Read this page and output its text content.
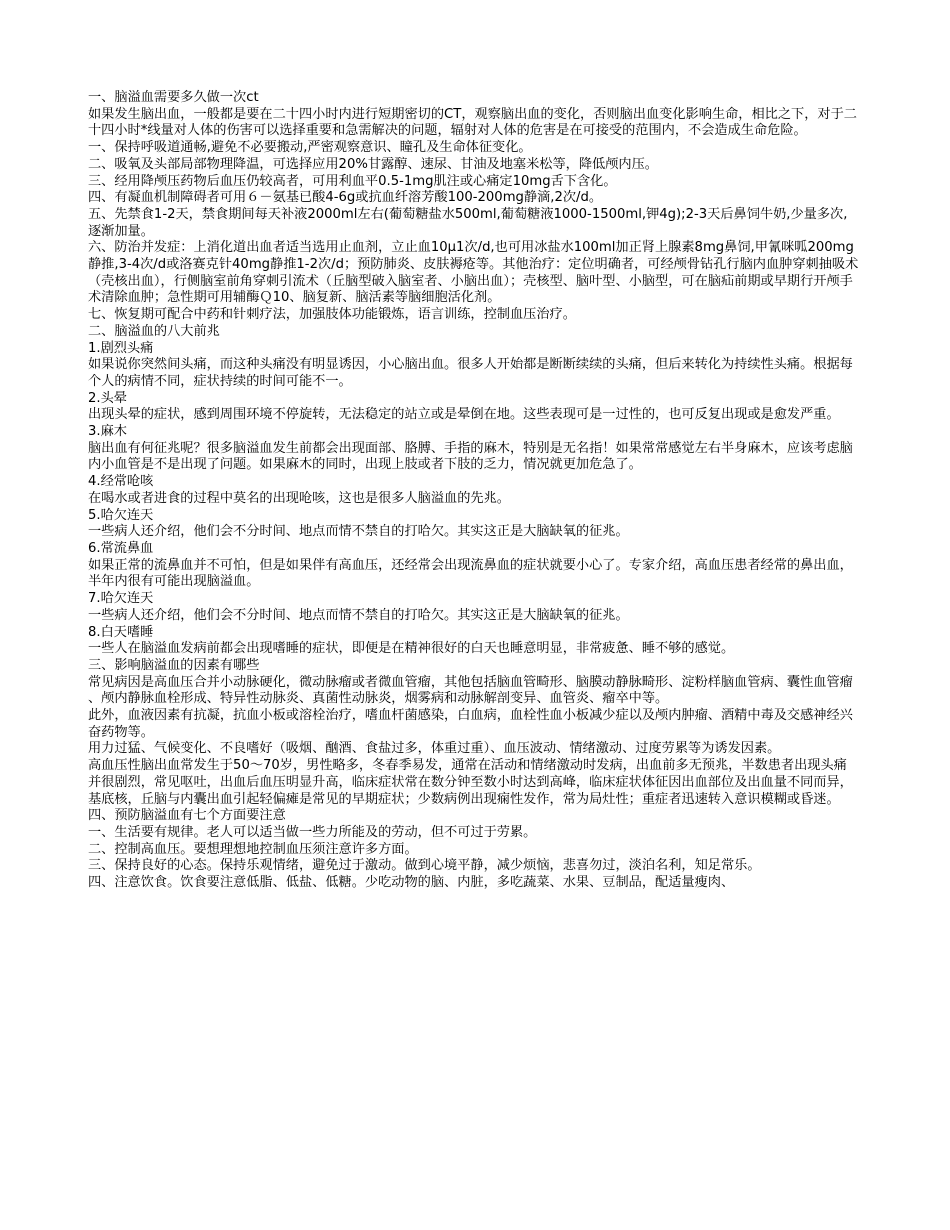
一、脑溢血需要多久做一次ct

如果发生脑出血，一般都是要在二十四小时内进行短期密切的CT，观察脑出血的变化，否则脑出血变化影响生命，相比之下，对于二十四小时*线量对人体的伤害可以选择重要和急需解决的问题，辐射对人体的危害是在可接受的范围内，不会造成生命危险。

一、保持呼吸道通畅,避免不必要搬动,严密观察意识、瞳孔及生命体征变化。

二、吸氧及头部局部物理降温，可选择应用20%甘露醇、速尿、甘油及地塞米松等，降低颅内压。

三、经用降颅压药物后血压仍较高者，可用利血平0.5-1mg肌注或心痛定10mg舌下含化。

四、有凝血机制障碍者可用６－氨基已酸4-6g或抗血纤溶芳酸100-200mg静滴,2次/d。

五、先禁食1-2天，禁食期间每天补液2000ml左右(葡萄糖盐水500ml,葡萄糖液1000-1500ml,钾4g);2-3天后鼻饲牛奶,少量多次,逐渐加量。

六、防治并发症：上消化道出血者适当选用止血剂，立止血10μ1次/d,也可用冰盐水100ml加正肾上腺素8mg鼻饲,甲氰咪呱200mg静推,3-4次/d或洛赛克针40mg静推1-2次/d；预防肺炎、皮肤褥疮等。其他治疗：定位明确者，可经颅骨钻孔行脑内血肿穿刺抽吸术（壳核出血），行侧脑室前角穿刺引流术（丘脑型破入脑室者、小脑出血）；壳核型、脑叶型、小脑型，可在脑疝前期或早期行开颅手术清除血肿；急性期可用辅酶Ｑ10、脑复新、脑活素等脑细胞活化剂。

七、恢复期可配合中药和针刺疗法，加强肢体功能锻炼，语言训练，控制血压治疗。

二、脑溢血的八大前兆

1.剧烈头痛

如果说你突然间头痛，而这种头痛没有明显诱因，小心脑出血。很多人开始都是断断续续的头痛，但后来转化为持续性头痛。根据每个人的病情不同，症状持续的时间可能不一。

2.头晕

出现头晕的症状，感到周围环境不停旋转，无法稳定的站立或是晕倒在地。这些表现可是一过性的，也可反复出现或是愈发严重。

3.麻木

脑出血有何征兆呢？很多脑溢血发生前都会出现面部、胳膊、手指的麻木，特别是无名指！如果常常感觉左右半身麻木，应该考虑脑内小血管是不是出现了问题。如果麻木的同时，出现上肢或者下肢的乏力，情况就更加危急了。

4.经常呛咳

在喝水或者进食的过程中莫名的出现呛咳，这也是很多人脑溢血的先兆。

5.哈欠连天

一些病人还介绍，他们会不分时间、地点而情不禁自的打哈欠。其实这正是大脑缺氧的征兆。

6.常流鼻血

如果正常的流鼻血并不可怕，但是如果伴有高血压，还经常会出现流鼻血的症状就要小心了。专家介绍，高血压患者经常的鼻出血，半年内很有可能出现脑溢血。

7.哈欠连天

一些病人还介绍，他们会不分时间、地点而情不禁自的打哈欠。其实这正是大脑缺氧的征兆。

8.白天嗜睡

一些人在脑溢血发病前都会出现嗜睡的症状，即便是在精神很好的白天也睡意明显，非常疲惫、睡不够的感觉。

三、影响脑溢血的因素有哪些

常见病因是高血压合并小动脉硬化，微动脉瘤或者微血管瘤，其他包括脑血管畸形、脑膜动静脉畸形、淀粉样脑血管病、囊性血管瘤、颅内静脉血栓形成、特异性动脉炎、真菌性动脉炎，烟雾病和动脉解剖变异、血管炎、瘤卒中等。

此外，血液因素有抗凝，抗血小板或溶栓治疗，嗜血杆菌感染，白血病，血栓性血小板减少症以及颅内肿瘤、酒精中毒及交感神经兴奋药物等。

用力过猛、气候变化、不良嗜好（吸烟、酗酒、食盐过多，体重过重）、血压波动、情绪激动、过度劳累等为诱发因素。

高血压性脑出血常发生于50～70岁，男性略多，冬春季易发，通常在活动和情绪激动时发病，出血前多无预兆，半数患者出现头痛并很剧烈，常见呕吐，出血后血压明显升高，临床症状常在数分钟至数小时达到高峰，临床症状体征因出血部位及出血量不同而异，基底核，丘脑与内囊出血引起轻偏瘫是常见的早期症状；少数病例出现痫性发作，常为局灶性；重症者迅速转入意识模糊或昏迷。

四、预防脑溢血有七个方面要注意

一、生活要有规律。老人可以适当做一些力所能及的劳动，但不可过于劳累。

二、控制高血压。要想理想地控制血压须注意许多方面。

三、保持良好的心态。保持乐观情绪，避免过于激动。做到心境平静，减少烦恼，悲喜勿过，淡泊名利，知足常乐。

四、注意饮食。饮食要注意低脂、低盐、低糖。少吃动物的脑、内脏，多吃蔬菜、水果、豆制品，配适量瘦肉、
